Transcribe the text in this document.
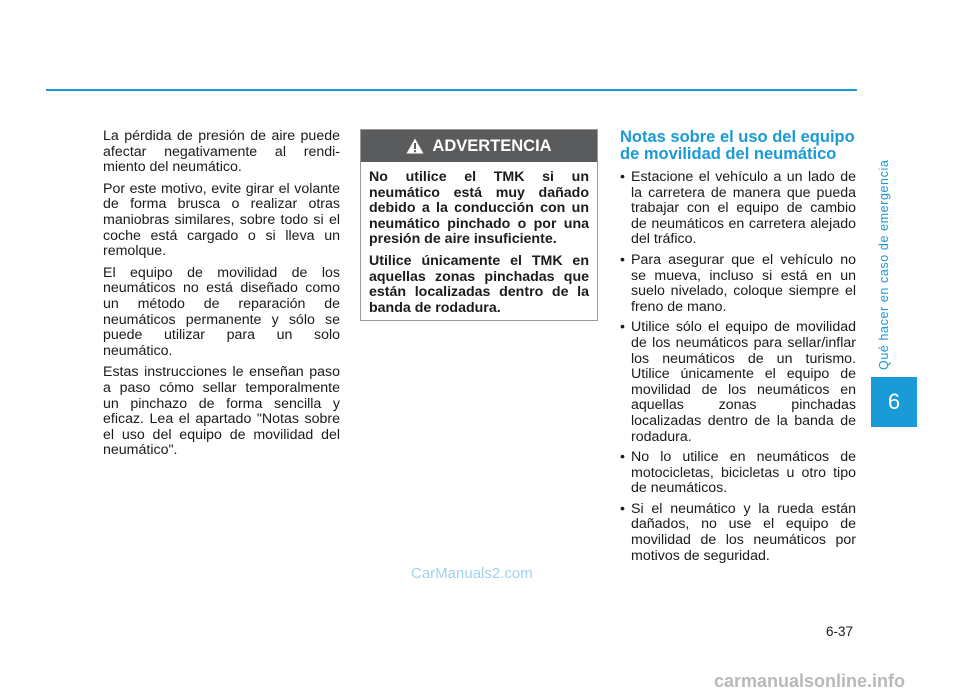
La pérdida de presión de aire puede afectar negativamente al rendi-miento del neumático.

Por este motivo, evite girar el volante de forma brusca o realizar otras maniobras similares, sobre todo si el coche está cargado o si lleva un remolque.

El equipo de movilidad de los neumáticos no está diseñado como un método de reparación de neumáticos permanente y sólo se puede utilizar para un solo neumático.

Estas instrucciones le enseñan paso a paso cómo sellar temporalmente un pinchazo de forma sencilla y eficaz. Lea el apartado "Notas sobre el uso del equipo de movilidad del neumático".

ADVERTENCIA

No utilice el TMK si un neumático está muy dañado debido a la conducción con un neumático pinchado o por una presión de aire insuficiente.

Utilice únicamente el TMK en aquellas zonas pinchadas que están localizadas dentro de la banda de rodadura.

Notas sobre el uso del equipo de movilidad del neumático
• Estacione el vehículo a un lado de la carretera de manera que pueda trabajar con el equipo de cambio de neumáticos en carretera alejado del tráfico.
• Para asegurar que el vehículo no se mueva, incluso si está en un suelo nivelado, coloque siempre el freno de mano.
• Utilice sólo el equipo de movilidad de los neumáticos para sellar/inflar los neumáticos de un turismo. Utilice únicamente el equipo de movilidad de los neumáticos en aquellas zonas pinchadas localizadas dentro de la banda de rodadura.
• No lo utilice en neumáticos de motocicletas, bicicletas u otro tipo de neumáticos.
• Si el neumático y la rueda están dañados, no use el equipo de movilidad de los neumáticos por motivos de seguridad.
Qué hacer en caso de emergencia
6
CarManuals2.com
6-37
carmanualsonline.info
